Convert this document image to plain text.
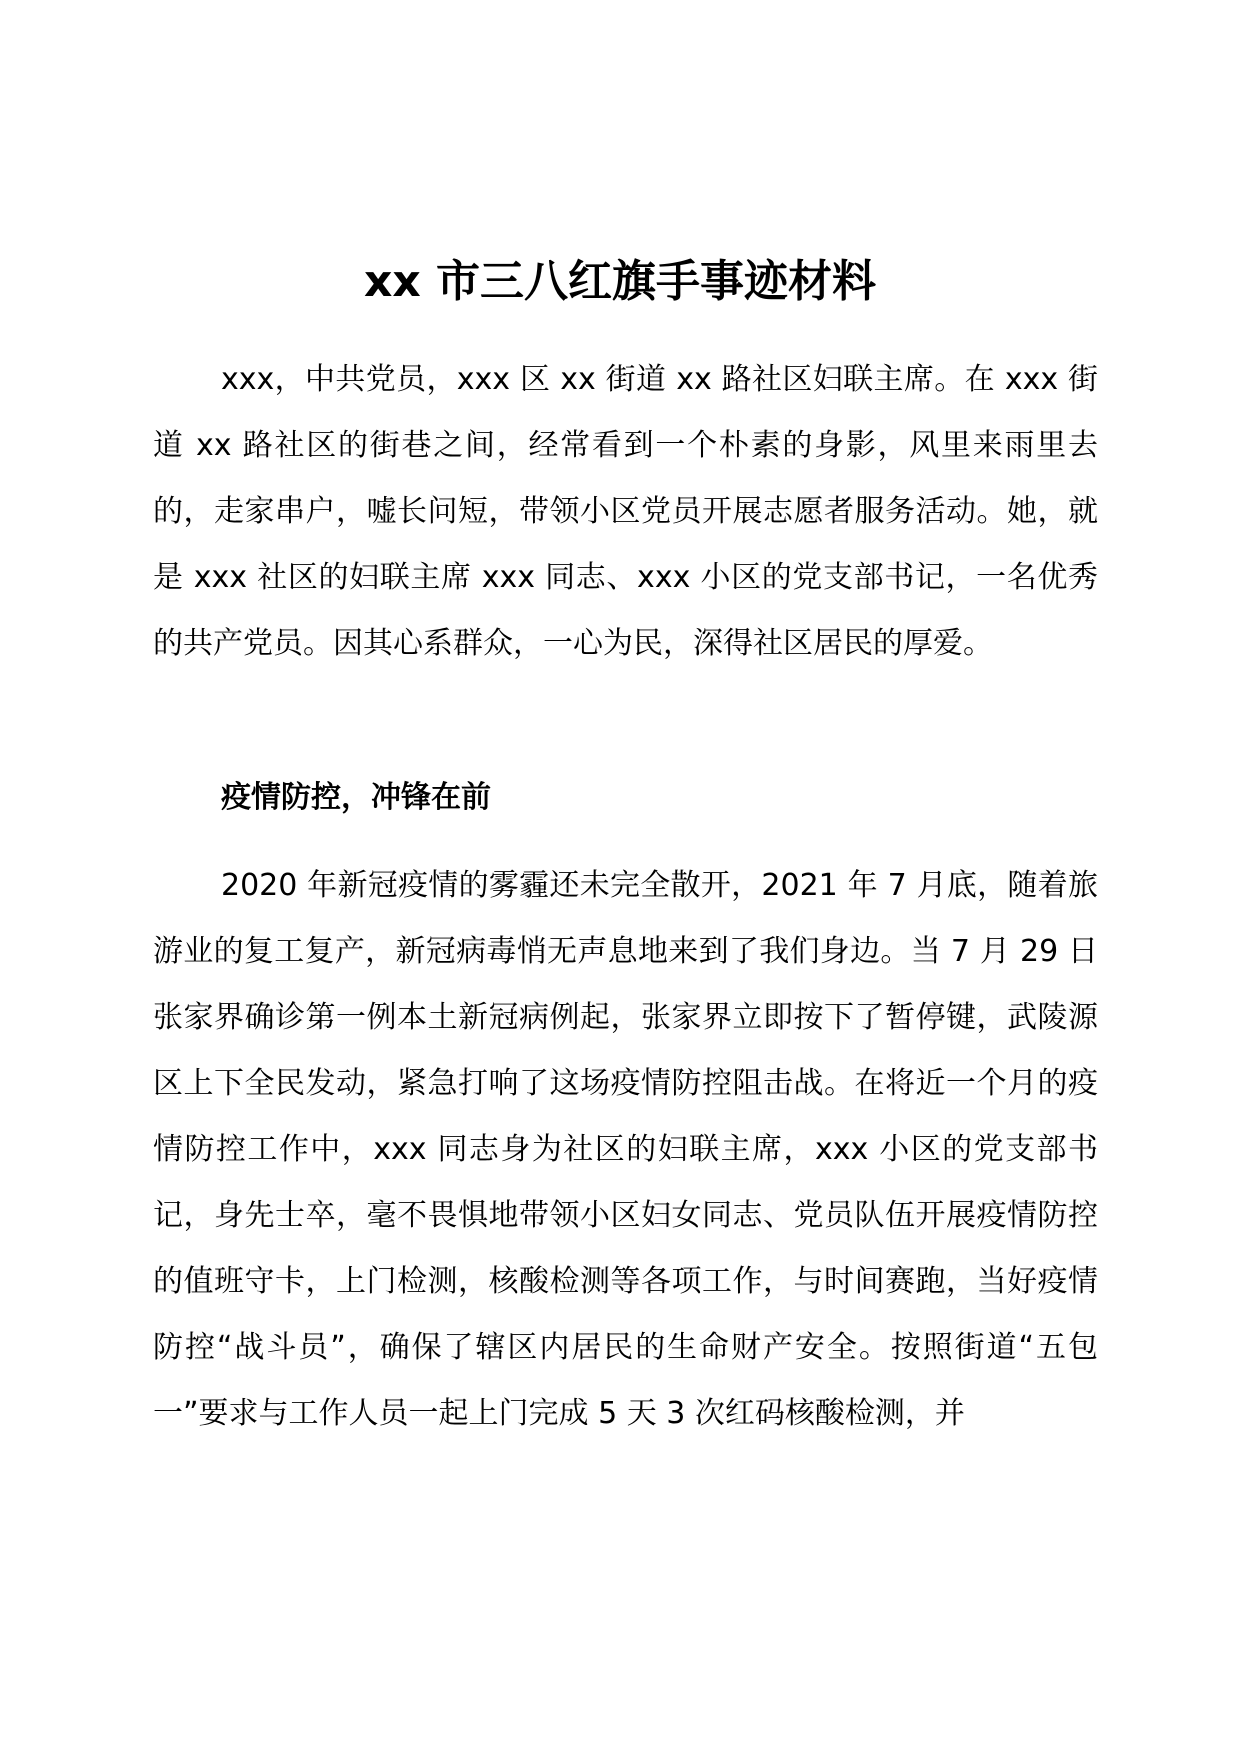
xx 市三八红旗手事迹材料

xxx，中共党员，xxx 区 xx 街道 xx 路社区妇联主席。在 xxx 街道 xx 路社区的街巷之间，经常看到一个朴素的身影，风里来雨里去的，走家串户，嘘长问短，带领小区党员开展志愿者服务活动。她，就是 xxx 社区的妇联主席 xxx 同志、xxx 小区的党支部书记，一名优秀的共产党员。因其心系群众，一心为民，深得社区居民的厚爱。

疫情防控，冲锋在前

2020 年新冠疫情的雾霾还未完全散开，2021 年 7 月底，随着旅游业的复工复产，新冠病毒悄无声息地来到了我们身边。当 7 月 29 日张家界确诊第一例本土新冠病例起，张家界立即按下了暂停键，武陵源区上下全民发动，紧急打响了这场疫情防控阻击战。在将近一个月的疫情防控工作中，xxx 同志身为社区的妇联主席，xxx 小区的党支部书记，身先士卒，毫不畏惧地带领小区妇女同志、党员队伍开展疫情防控的值班守卡，上门检测，核酸检测等各项工作，与时间赛跑，当好疫情防控“战斗员”，确保了辖区内居民的生命财产安全。按照街道“五包一”要求与工作人员一起上门完成 5 天 3 次红码核酸检测，并
